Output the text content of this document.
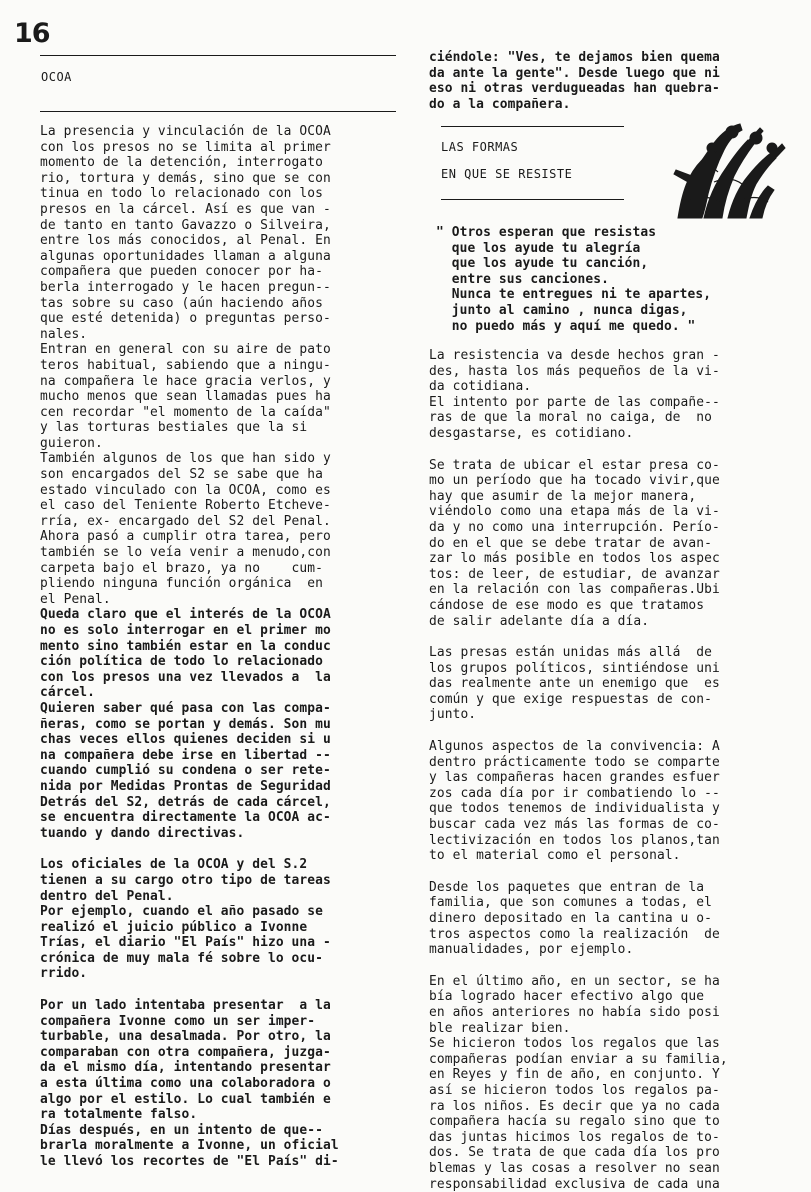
16

OCOA

La presencia y vinculación de la OCOA
con los presos no se limita al primer
momento de la detención, interrogato
rio, tortura y demás, sino que se con
tinua en todo lo relacionado con los
presos en la cárcel. Así es que van -
de tanto en tanto Gavazzo o Silveira,
entre los más conocidos, al Penal. En
algunas oportunidades llaman a alguna
compañera que pueden conocer por ha-
berla interrogado y le hacen pregun--
tas sobre su caso (aún haciendo años
que esté detenida) o preguntas perso-
nales.

Entran en general con su aire de pato
teros habitual, sabiendo que a ningu-
na compañera le hace gracia verlos, y
mucho menos que sean llamadas pues ha
cen recordar "el momento de la caída"
y las torturas bestiales que la si
guieron.

También algunos de los que han sido y
son encargados del S2 se sabe que ha
estado vinculado con la OCOA, como es
el caso del Teniente Roberto Etcheve-
rría, ex- encargado del S2 del Penal.
Ahora pasó a cumplir otra tarea, pero
también se lo veía venir a menudo,con
carpeta bajo el brazo, ya no    cum-
pliendo ninguna función orgánica  en
el Penal.

Queda claro que el interés de la OCOA
no es solo interrogar en el primer mo
mento sino también estar en la conduc
ción política de todo lo relacionado
con los presos una vez llevados a  la
cárcel.

Quieren saber qué pasa con las compa-
ñeras, como se portan y demás. Son mu
chas veces ellos quienes deciden si u
na compañera debe irse en libertad --
cuando cumplió su condena o ser rete-
nida por Medidas Prontas de Seguridad
Detrás del S2, detrás de cada cárcel,
se encuentra directamente la OCOA ac-
tuando y dando directivas.

Los oficiales de la OCOA y del S.2
tienen a su cargo otro tipo de tareas
dentro del Penal.

Por ejemplo, cuando el año pasado se
realizó el juicio público a Ivonne
Trías, el diario "El País" hizo una -
crónica de muy mala fé sobre lo ocu-
rrido.

Por un lado intentaba presentar  a la
compañera Ivonne como un ser imper-
turbable, una desalmada. Por otro, la
comparaban con otra compañera, juzga-
da el mismo día, intentando presentar
a esta última como una colaboradora o
algo por el estilo. Lo cual también e
ra totalmente falso.

Días después, en un intento de que--
brarla moralmente a Ivonne, un oficial
le llevó los recortes de "El País" di-

ciéndole: "Ves, te dejamos bien quema
da ante la gente". Desde luego que ni
eso ni otras verdugueadas han quebra-
do a la compañera.

LAS FORMAS

EN QUE SE RESISTE

" Otros esperan que resistas
que los ayude tu alegría
que los ayude tu canción,
entre sus canciones.
Nunca te entregues ni te apartes,
junto al camino , nunca digas,
no puedo más y aquí me quedo. "

La resistencia va desde hechos gran -
des, hasta los más pequeños de la vi-
da cotidiana.

El intento por parte de las compañe--
ras de que la moral no caiga, de  no
desgastarse, es cotidiano.

Se trata de ubicar el estar presa co-
mo un período que ha tocado vivir,que
hay que asumir de la mejor manera,
viéndolo como una etapa más de la vi-
da y no como una interrupción. Perío-
do en el que se debe tratar de avan-
zar lo más posible en todos los aspec
tos: de leer, de estudiar, de avanzar
en la relación con las compañeras.Ubi
cándose de ese modo es que tratamos
de salir adelante día a día.

Las presas están unidas más allá  de
los grupos políticos, sintiéndose uni
das realmente ante un enemigo que  es
común y que exige respuestas de con-
junto.

Algunos aspectos de la convivencia: A
dentro prácticamente todo se comparte
y las compañeras hacen grandes esfuer
zos cada día por ir combatiendo lo --
que todos tenemos de individualista y
buscar cada vez más las formas de co-
lectivización en todos los planos,tan
to el material como el personal.

Desde los paquetes que entran de la
familia, que son comunes a todas, el
dinero depositado en la cantina u o-
tros aspectos como la realización  de
manualidades, por ejemplo.

En el último año, en un sector, se ha
bía logrado hacer efectivo algo que
en años anteriores no había sido posi
ble realizar bien.

Se hicieron todos los regalos que las
compañeras podían enviar a su familia,
en Reyes y fin de año, en conjunto. Y
así se hicieron todos los regalos pa-
ra los niños. Es decir que ya no cada
compañera hacía su regalo sino que to
das juntas hicimos los regalos de to-
dos. Se trata de que cada día los pro
blemas y las cosas a resolver no sean
responsabilidad exclusiva de cada una
